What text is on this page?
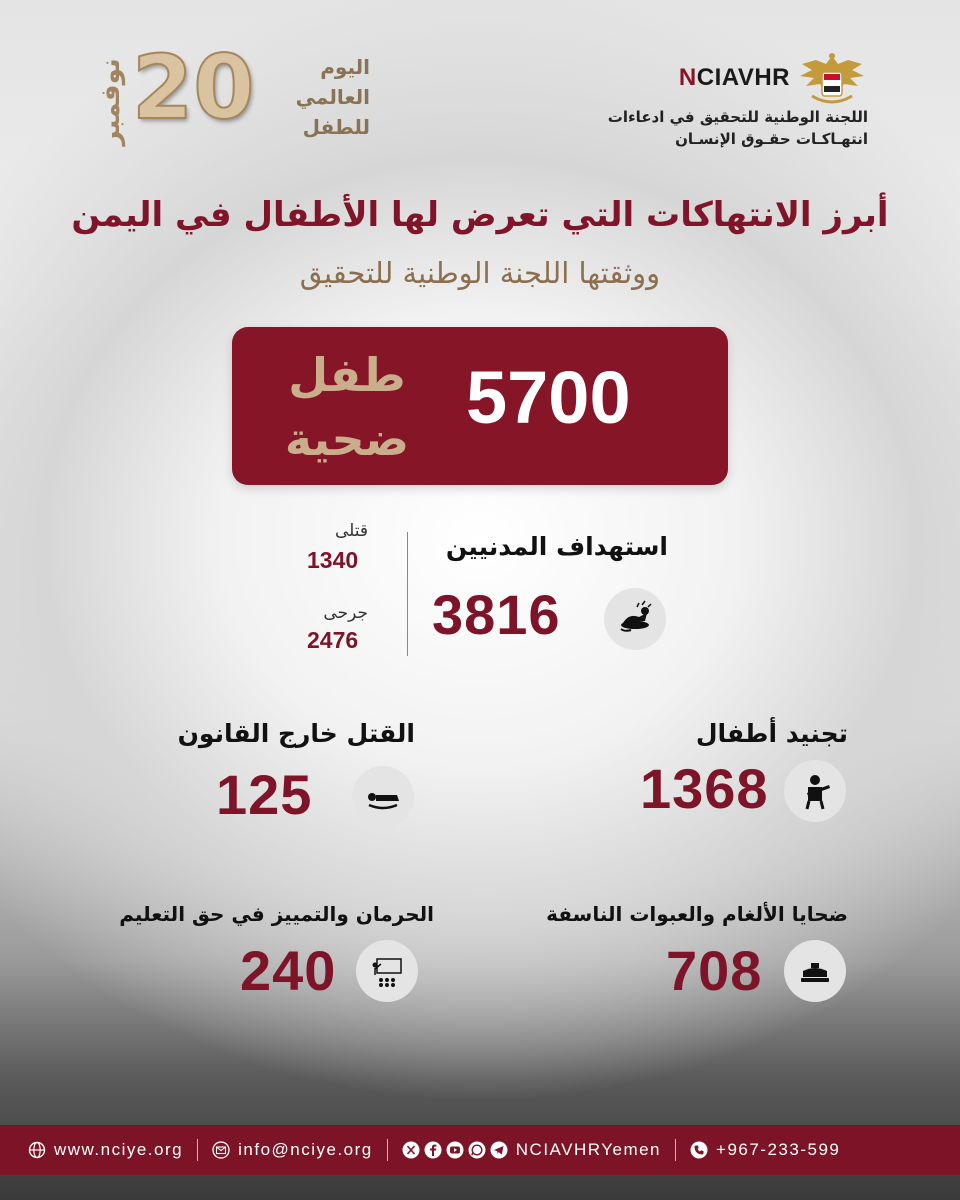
نوفمبر 20	اليوم
العالمي
للطفل
NCIAVHR
اللجنة الوطنية للتحقيق في ادعاءات
انتهـاكـات حقـوق الإنسـان
أبرز الانتهاكات التي تعرض لها الأطفال في اليمن
ووثقتها اللجنة الوطنية للتحقيق
5700
طفل
ضحية
استهداف المدنيين
3816
قتلى
1340
جرحى
2476
تجنيد أطفال
1368
القتل خارج القانون
125
ضحايا الألغام والعبوات الناسفة
708
الحرمان والتمييز في حق التعليم
240
www.nciye.org	info@nciye.org	NCIAVHRYemen	+967-233-599
